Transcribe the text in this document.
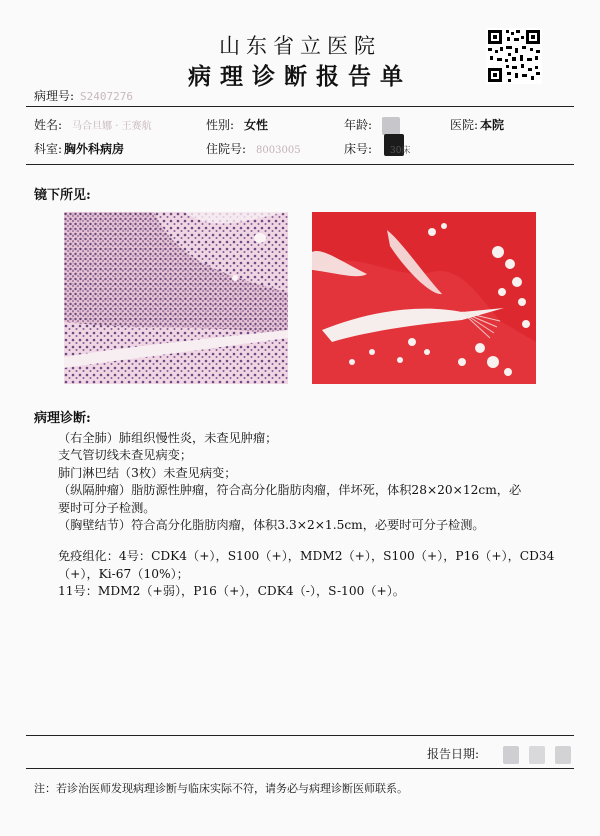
山东省立医院
病理诊断报告单
病理号: S2407276
姓名: 马合旦娜 · 王赛航	性别: 女性	年龄:	医院: 本院
科室: 胸外科病房	住院号: 8003005	床号: 30床
镜下所见:
病理诊断:
（右全肺）肺组织慢性炎，未查见肿瘤；
支气管切线未查见病变；
肺门淋巴结（3枚）未查见病变；
（纵隔肿瘤）脂肪源性肿瘤，符合高分化脂肪肉瘤，伴坏死，体积28×20×12cm，必
要时可分子检测。
（胸壁结节）符合高分化脂肪肉瘤，体积3.3×2×1.5cm，必要时可分子检测。
免疫组化：4号：CDK4（+），S100（+），MDM2（+），S100（+），P16（+），CD34
（+），Ki-67（10%）；
11号：MDM2（+弱），P16（+），CDK4（-），S-100（+）。
报告日期:
注：若诊治医师发现病理诊断与临床实际不符，请务必与病理诊断医师联系。
